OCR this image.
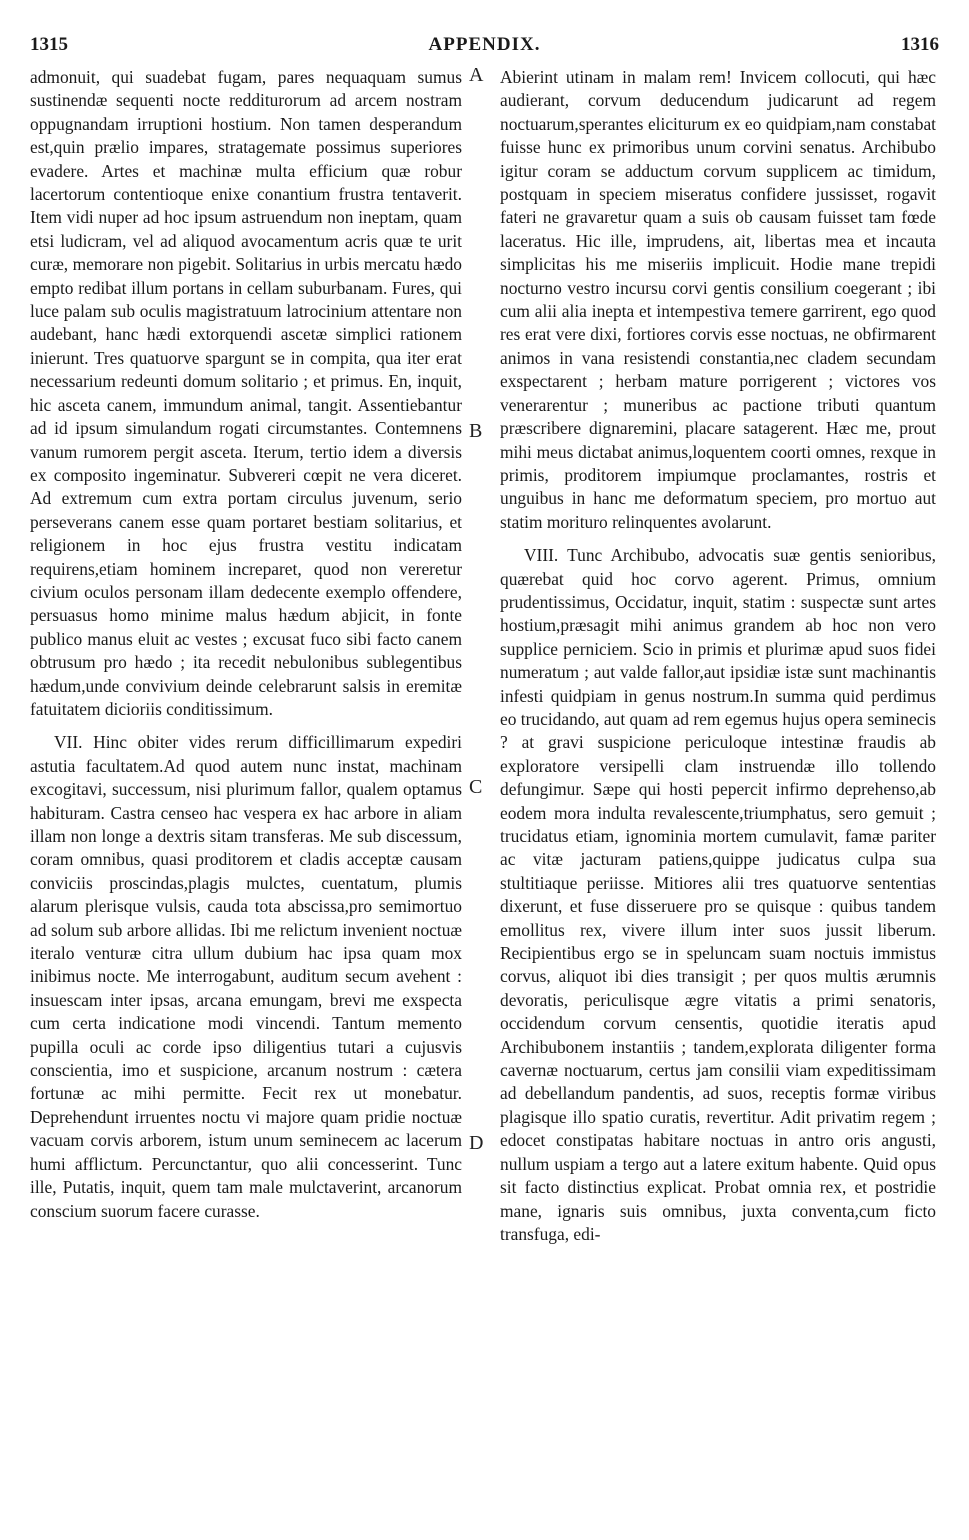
1315	APPENDIX.	1316

admonuit, qui suadebat fugam, pares nequaquam sumus sustinendæ sequenti nocte redditurorum ad arcem nostram oppugnandam irruptioni hostium. Non tamen desperandum est,quin prælio impares, stratagemate possimus superiores evadere. Artes et machinæ multa efficium quæ robur lacertorum contentioque enixe conantium frustra tentaverit. Item vidi nuper ad hoc ipsum astruendum non ineptam, quam etsi ludicram, vel ad aliquod avocamentum acris quæ te urit curæ, memorare non pigebit. Solitarius in urbis mercatu hædo empto redibat illum portans in cellam suburbanam. Fures, qui luce palam sub oculis magistratuum latrocinium attentare non audebant, hanc hædi extorquendi ascetæ simplici rationem inierunt. Tres quatuorve spargunt se in compita, qua iter erat necessarium redeunti domum solitario ; et primus. En, inquit, hic asceta canem, immundum animal, tangit. Assentiebantur ad id ipsum simulandum rogati circumstantes. Contemnens vanum rumorem pergit asceta. Iterum, tertio idem a diversis ex composito ingeminatur. Subvereri cœpit ne vera diceret. Ad extremum cum extra portam circulus juvenum, serio perseverans canem esse quam portaret bestiam solitarius, et religionem in hoc ejus frustra vestitu indicatam requirens,etiam hominem increparet, quod non vereretur civium oculos personam illam dedecente exemplo offendere, persuasus homo minime malus hædum abjicit, in fonte publico manus eluit ac vestes ; excusat fuco sibi facto canem obtrusum pro hædo ; ita recedit nebulonibus sublegentibus hædum,unde convivium deinde celebrarunt salsis in eremitæ fatuitatem dicioriis conditissimum.

VII. Hinc obiter vides rerum difficillimarum expediri astutia facultatem.Ad quod autem nunc instat, machinam excogitavi, successum, nisi plurimum fallor, qualem optamus habituram. Castra censeo hac vespera ex hac arbore in aliam illam non longe a dextris sitam transferas. Me sub discessum, coram omnibus, quasi proditorem et cladis acceptæ causam conviciis proscindas,plagis mulctes, cuentatum, plumis alarum plerisque vulsis, cauda tota abscissa,pro semimortuo ad solum sub arbore allidas. Ibi me relictum invenient noctuæ iteralo venturæ citra ullum dubium hac ipsa quam mox inibimus nocte. Me interrogabunt, auditum secum avehent : insuescam inter ipsas, arcana emungam, brevi me exspecta cum certa indicatione modi vincendi. Tantum memento pupilla oculi ac corde ipso diligentius tutari a cujusvis conscientia, imo et suspicione, arcanum nostrum : cætera fortunæ ac mihi permitte. Fecit rex ut monebatur. Deprehendunt irruentes noctu vi majore quam pridie noctuæ vacuam corvis arborem, istum unum seminecem ac lacerum humi afflictum. Percunctantur, quo alii concesserint. Tunc ille, Putatis, inquit, quem tam male mulctaverint, arcanorum conscium suorum facere curasse.

A
B
C
D

Abierint utinam in malam rem! Invicem collocuti, qui hæc audierant, corvum deducendum judicarunt ad regem noctuarum,sperantes eliciturum ex eo quidpiam,nam constabat fuisse hunc ex primoribus unum corvini senatus. Archibubo igitur coram se adductum corvum supplicem ac timidum, postquam in speciem miseratus confidere jussisset, rogavit fateri ne gravaretur quam a suis ob causam fuisset tam fœde laceratus. Hic ille, imprudens, ait, libertas mea et incauta simplicitas his me miseriis implicuit. Hodie mane trepidi nocturno vestro incursu corvi gentis consilium coegerant ; ibi cum alii alia inepta et intempestiva temere garrirent, ego quod res erat vere dixi, fortiores corvis esse noctuas, ne obfirmarent animos in vana resistendi constantia,nec cladem secundam exspectarent ; herbam mature porrigerent ; victores vos venerarentur ; muneribus ac pactione tributi quantum præscribere dignaremini, placare satagerent. Hæc me, prout mihi meus dictabat animus,loquentem coorti omnes, rexque in primis, proditorem impiumque proclamantes, rostris et unguibus in hanc me deformatum speciem, pro mortuo aut statim morituro relinquentes avolarunt.

VIII. Tunc Archibubo, advocatis suæ gentis senioribus, quærebat quid hoc corvo agerent. Primus, omnium prudentissimus, Occidatur, inquit, statim : suspectæ sunt artes hostium,præsagit mihi animus grandem ab hoc non vero supplice perniciem. Scio in primis et plurimæ apud suos fidei numeratum ; aut valde fallor,aut ipsidiæ istæ sunt machinantis infesti quidpiam in genus nostrum.In summa quid perdimus eo trucidando, aut quam ad rem egemus hujus opera seminecis ? at gravi suspicione periculoque intestinæ fraudis ab exploratore versipelli clam instruendæ illo tollendo defungimur. Sæpe qui hosti pepercit infirmo deprehenso,ab eodem mora indulta revalescente,triumphatus, sero gemuit ; trucidatus etiam, ignominia mortem cumulavit, famæ pariter ac vitæ jacturam patiens,quippe judicatus culpa sua stultitiaque periisse. Mitiores alii tres quatuorve sententias dixerunt, et fuse disseruere pro se quisque : quibus tandem emollitus rex, vivere illum inter suos jussit liberum. Recipientibus ergo se in speluncam suam noctuis immistus corvus, aliquot ibi dies transigit ; per quos multis ærumnis devoratis, periculisque ægre vitatis a primi senatoris, occidendum corvum censentis, quotidie iteratis apud Archibubonem instantiis ; tandem,explorata diligenter forma cavernæ noctuarum, certus jam consilii viam expeditissimam ad debellandum pandentis, ad suos, receptis formæ viribus plagisque illo spatio curatis, revertitur. Adit privatim regem ; edocet constipatas habitare noctuas in antro oris angusti, nullum uspiam a tergo aut a latere exitum habente. Quid opus sit facto distinctius explicat. Probat omnia rex, et postridie mane, ignaris suis omnibus, juxta conventa,cum ficto transfuga, edi-
